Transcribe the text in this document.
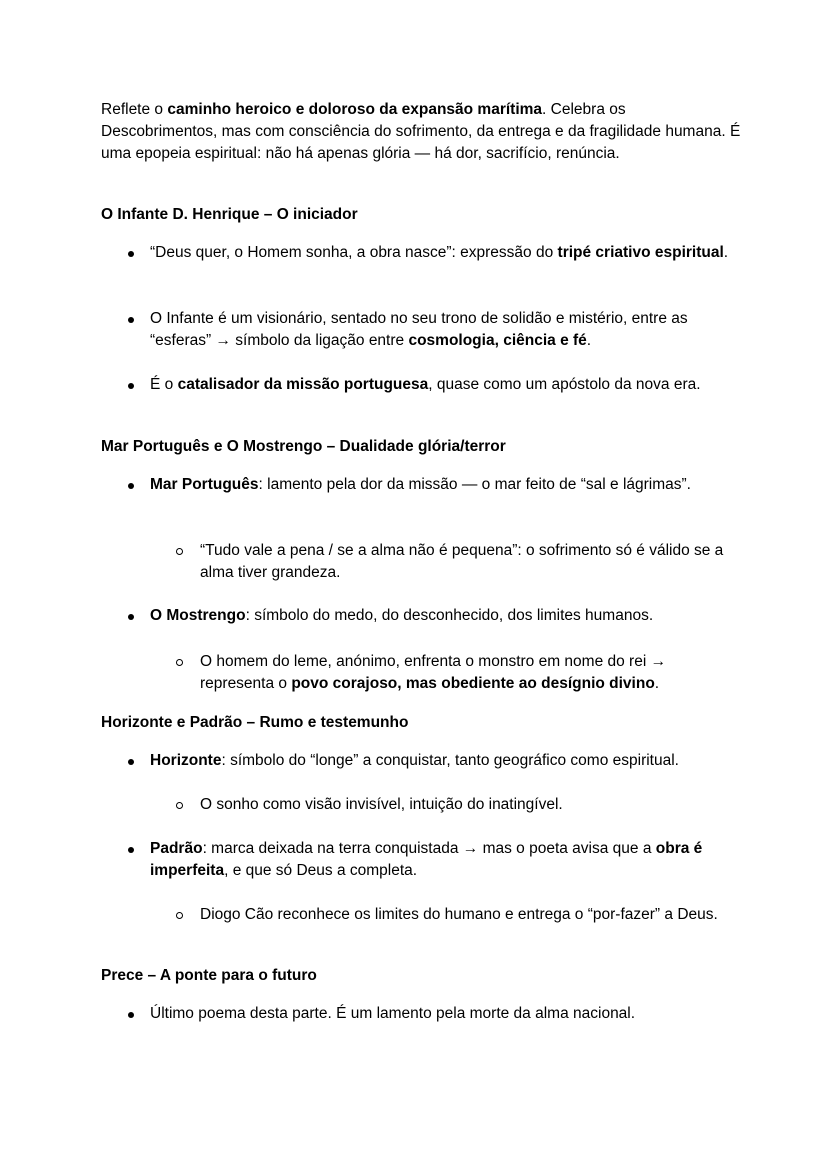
Reflete o caminho heroico e doloroso da expansão marítima. Celebra os Descobrimentos, mas com consciência do sofrimento, da entrega e da fragilidade humana. É uma epopeia espiritual: não há apenas glória — há dor, sacrifício, renúncia.

O Infante D. Henrique – O iniciador

“Deus quer, o Homem sonha, a obra nasce”: expressão do tripé criativo espiritual.

O Infante é um visionário, sentado no seu trono de solidão e mistério, entre as “esferas” → símbolo da ligação entre cosmologia, ciência e fé.

É o catalisador da missão portuguesa, quase como um apóstolo da nova era.

Mar Português e O Mostrengo – Dualidade glória/terror

Mar Português: lamento pela dor da missão — o mar feito de “sal e lágrimas”.

“Tudo vale a pena / se a alma não é pequena”: o sofrimento só é válido se a alma tiver grandeza.

O Mostrengo: símbolo do medo, do desconhecido, dos limites humanos.

O homem do leme, anónimo, enfrenta o monstro em nome do rei → representa o povo corajoso, mas obediente ao desígnio divino.

Horizonte e Padrão – Rumo e testemunho

Horizonte: símbolo do “longe” a conquistar, tanto geográfico como espiritual.

O sonho como visão invisível, intuição do inatingível.

Padrão: marca deixada na terra conquistada → mas o poeta avisa que a obra é imperfeita, e que só Deus a completa.

Diogo Cão reconhece os limites do humano e entrega o “por-fazer” a Deus.

Prece – A ponte para o futuro

Último poema desta parte. É um lamento pela morte da alma nacional.
